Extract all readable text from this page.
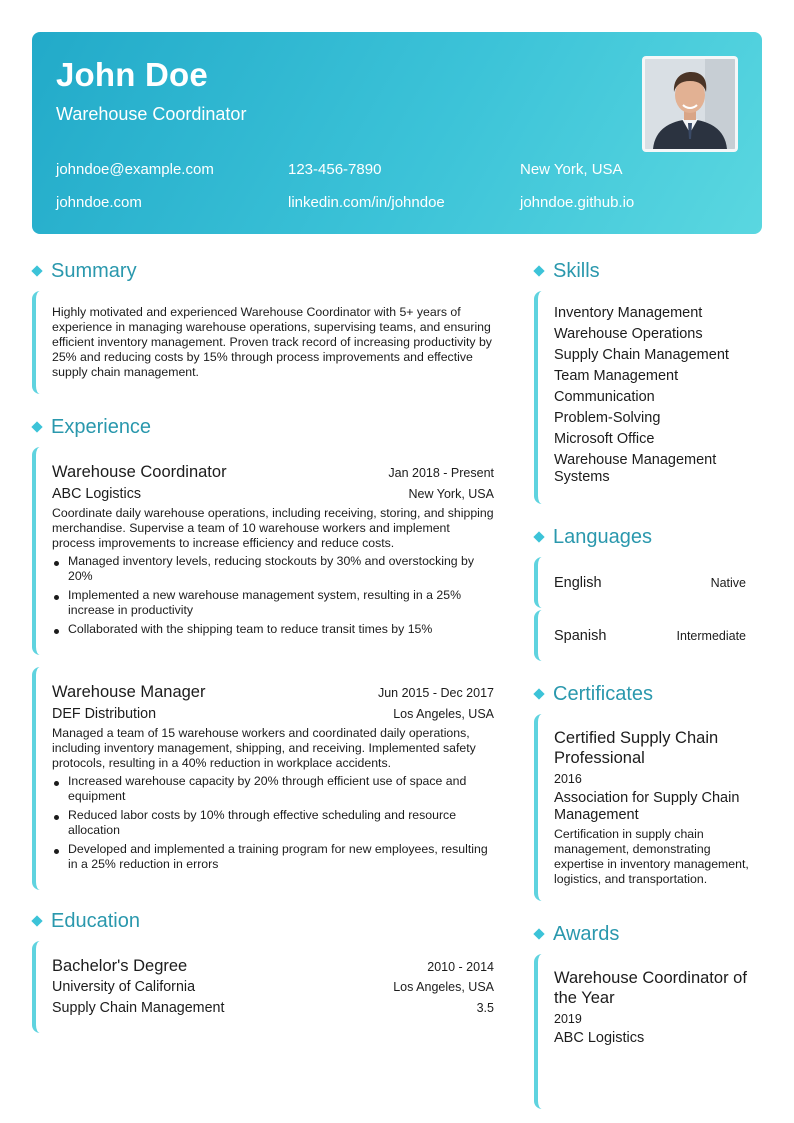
John Doe
Warehouse Coordinator
johndoe@example.com	123-456-7890	New York, USA
johndoe.com	linkedin.com/in/johndoe	johndoe.github.io
Summary

Highly motivated and experienced Warehouse Coordinator with 5+ years of experience in managing warehouse operations, supervising teams, and ensuring efficient inventory management. Proven track record of increasing productivity by 25% and reducing costs by 15% through process improvements and effective supply chain management.

Experience
Warehouse Coordinator	Jan 2018 - Present
ABC Logistics	New York, USA

Coordinate daily warehouse operations, including receiving, storing, and shipping merchandise. Supervise a team of 10 warehouse workers and implement process improvements to increase efficiency and reduce costs.

Managed inventory levels, reducing stockouts by 30% and overstocking by 20%
Implemented a new warehouse management system, resulting in a 25% increase in productivity
Collaborated with the shipping team to reduce transit times by 15%
Warehouse Manager	Jun 2015 - Dec 2017
DEF Distribution	Los Angeles, USA

Managed a team of 15 warehouse workers and coordinated daily operations, including inventory management, shipping, and receiving. Implemented safety protocols, resulting in a 40% reduction in workplace accidents.

Increased warehouse capacity by 20% through efficient use of space and equipment
Reduced labor costs by 10% through effective scheduling and resource allocation
Developed and implemented a training program for new employees, resulting in a 25% reduction in errors
Education
Bachelor's Degree	2010 - 2014
University of California	Los Angeles, USA
Supply Chain Management	3.5
Skills
Inventory Management
Warehouse Operations
Supply Chain Management
Team Management
Communication
Problem-Solving
Microsoft Office
Warehouse Management Systems
Languages
English	Native
Spanish	Intermediate
Certificates
Certified Supply Chain Professional
2016
Association for Supply Chain Management

Certification in supply chain management, demonstrating expertise in inventory management, logistics, and transportation.

Awards
Warehouse Coordinator of the Year
2019
ABC Logistics
